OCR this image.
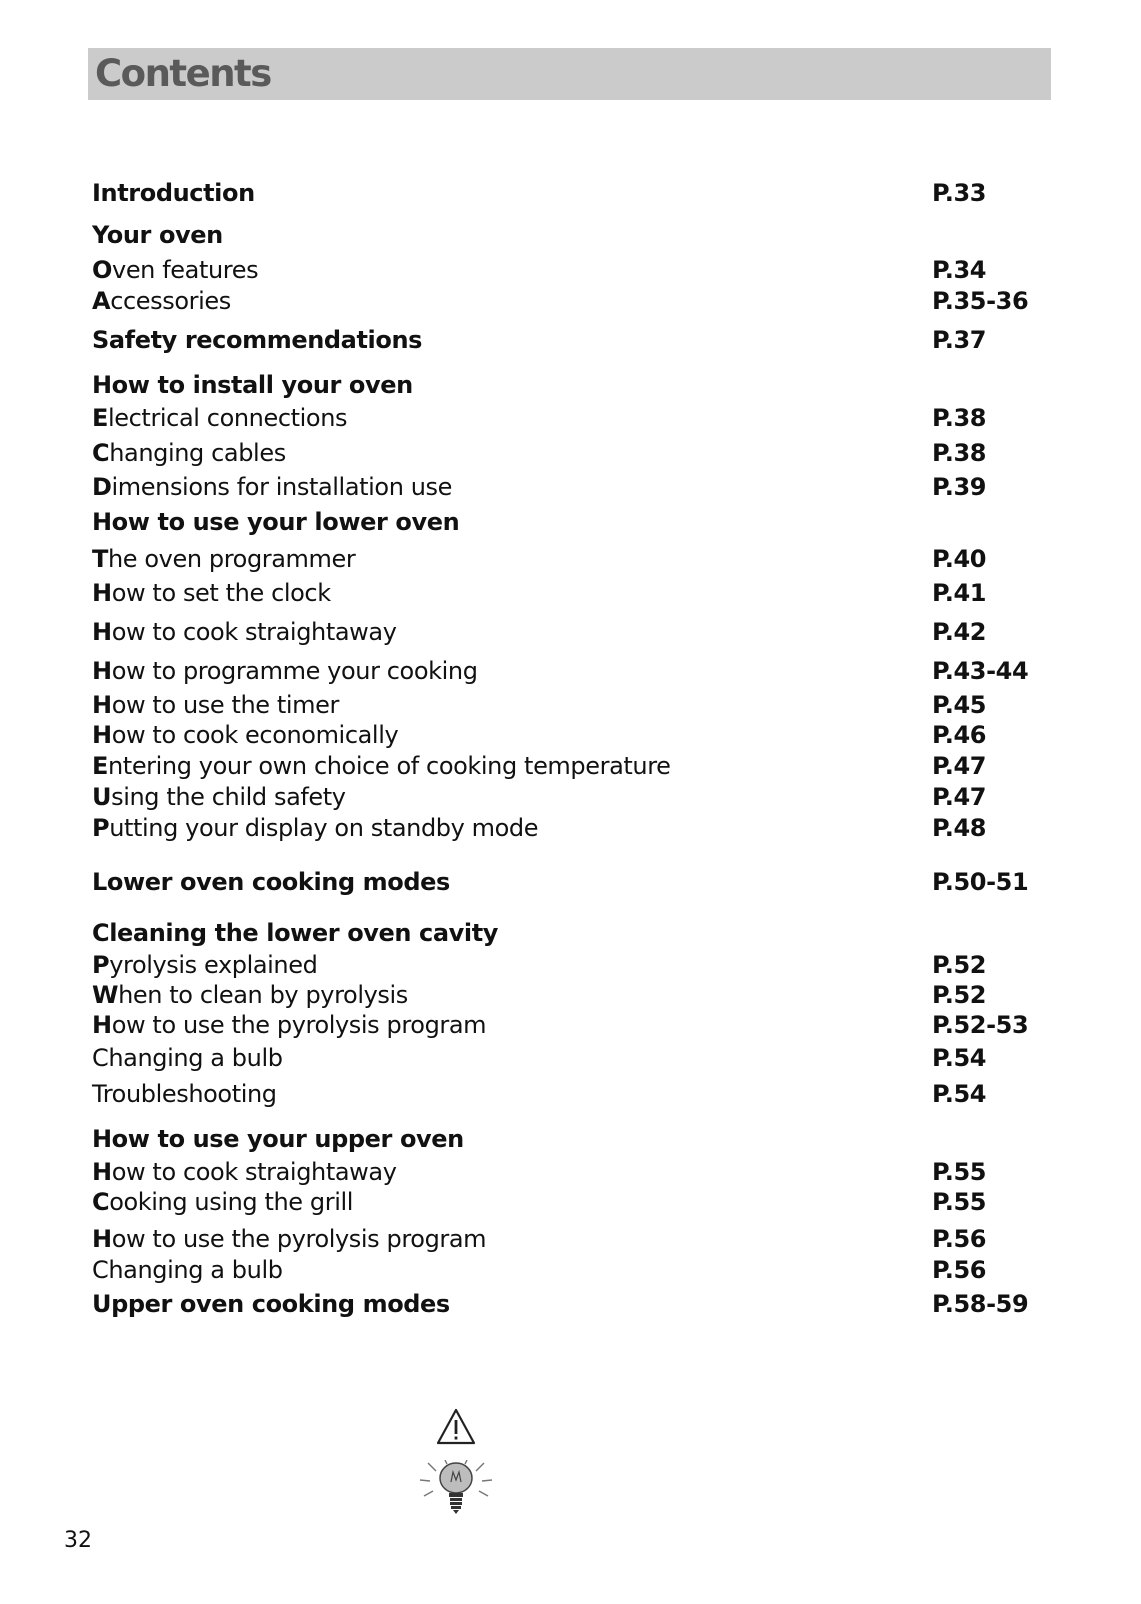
Contents
Introduction	P.33
Your oven
Oven features	P.34
Accessories	P.35-36
Safety recommendations	P.37
How to install your oven
Electrical connections	P.38
Changing cables	P.38
Dimensions for installation use	P.39
How to use your lower oven
The oven programmer	P.40
How to set the clock	P.41
How to cook straightaway	P.42
How to programme your cooking	P.43-44
How to use the timer	P.45
How to cook economically	P.46
Entering your own choice of cooking temperature	P.47
Using the child safety	P.47
Putting your display on standby mode	P.48
Lower oven cooking modes	P.50-51
Cleaning the lower oven cavity
Pyrolysis explained	P.52
When to clean by pyrolysis	P.52
How to use the pyrolysis program	P.52-53
Changing a bulb	P.54
Troubleshooting	P.54
How to use your upper oven
How to cook straightaway	P.55
Cooking using the grill	P.55
How to use the pyrolysis program	P.56
Changing a bulb	P.56
Upper oven cooking modes	P.58-59
32
